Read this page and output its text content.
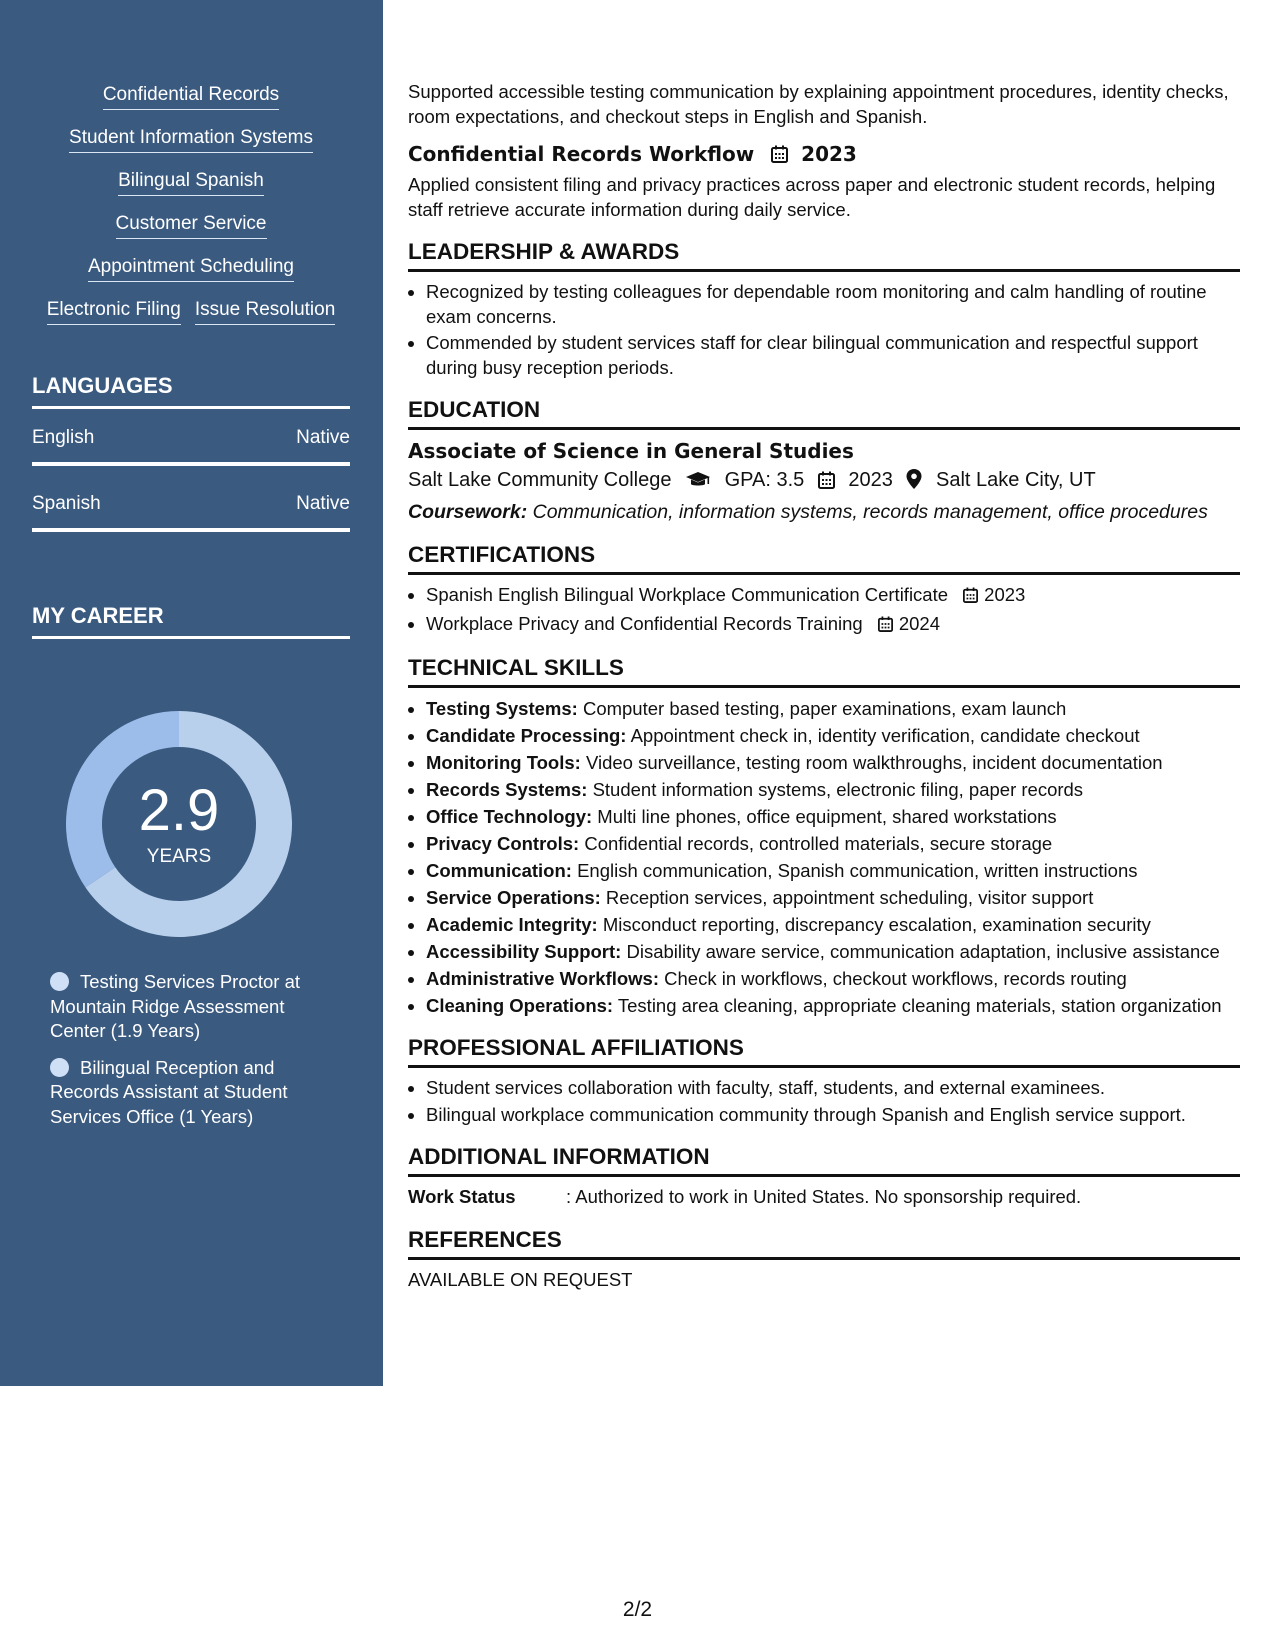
Confidential Records
Student Information Systems
Bilingual Spanish
Customer Service
Appointment Scheduling
Electronic Filing Issue Resolution
LANGUAGES
English	Native
Spanish	Native
MY CAREER
2.9
YEARS
Testing Services Proctor at Mountain Ridge Assessment Center (1.9 Years)
Bilingual Reception and Records Assistant at Student Services Office (1 Years)

Supported accessible testing communication by explaining appointment procedures, identity checks, room expectations, and checkout steps in English and Spanish.

Confidential Records Workflow 2023

Applied consistent filing and privacy practices across paper and electronic student records, helping staff retrieve accurate information during daily service.

LEADERSHIP & AWARDS
• Recognized by testing colleagues for dependable room monitoring and calm handling of routine exam concerns.
• Commended by student services staff for clear bilingual communication and respectful support during busy reception periods.
EDUCATION
Associate of Science in General Studies
Salt Lake Community College	GPA: 3.5 2023 Salt Lake City, UT
Coursework: Communication, information systems, records management, office procedures
CERTIFICATIONS
• Spanish English Bilingual Workplace Communication Certificate 2023
• Workplace Privacy and Confidential Records Training 2024
TECHNICAL SKILLS
• Testing Systems: Computer based testing, paper examinations, exam launch
• Candidate Processing: Appointment check in, identity verification, candidate checkout
• Monitoring Tools: Video surveillance, testing room walkthroughs, incident documentation
• Records Systems: Student information systems, electronic filing, paper records
• Office Technology: Multi line phones, office equipment, shared workstations
• Privacy Controls: Confidential records, controlled materials, secure storage
• Communication: English communication, Spanish communication, written instructions
• Service Operations: Reception services, appointment scheduling, visitor support
• Academic Integrity: Misconduct reporting, discrepancy escalation, examination security
• Accessibility Support: Disability aware service, communication adaptation, inclusive assistance
• Administrative Workflows: Check in workflows, checkout workflows, records routing
• Cleaning Operations: Testing area cleaning, appropriate cleaning materials, station organization
PROFESSIONAL AFFILIATIONS
• Student services collaboration with faculty, staff, students, and external examinees.
• Bilingual workplace communication community through Spanish and English service support.
ADDITIONAL INFORMATION
Work Status	: Authorized to work in United States. No sponsorship required.
REFERENCES

AVAILABLE ON REQUEST

2/2
